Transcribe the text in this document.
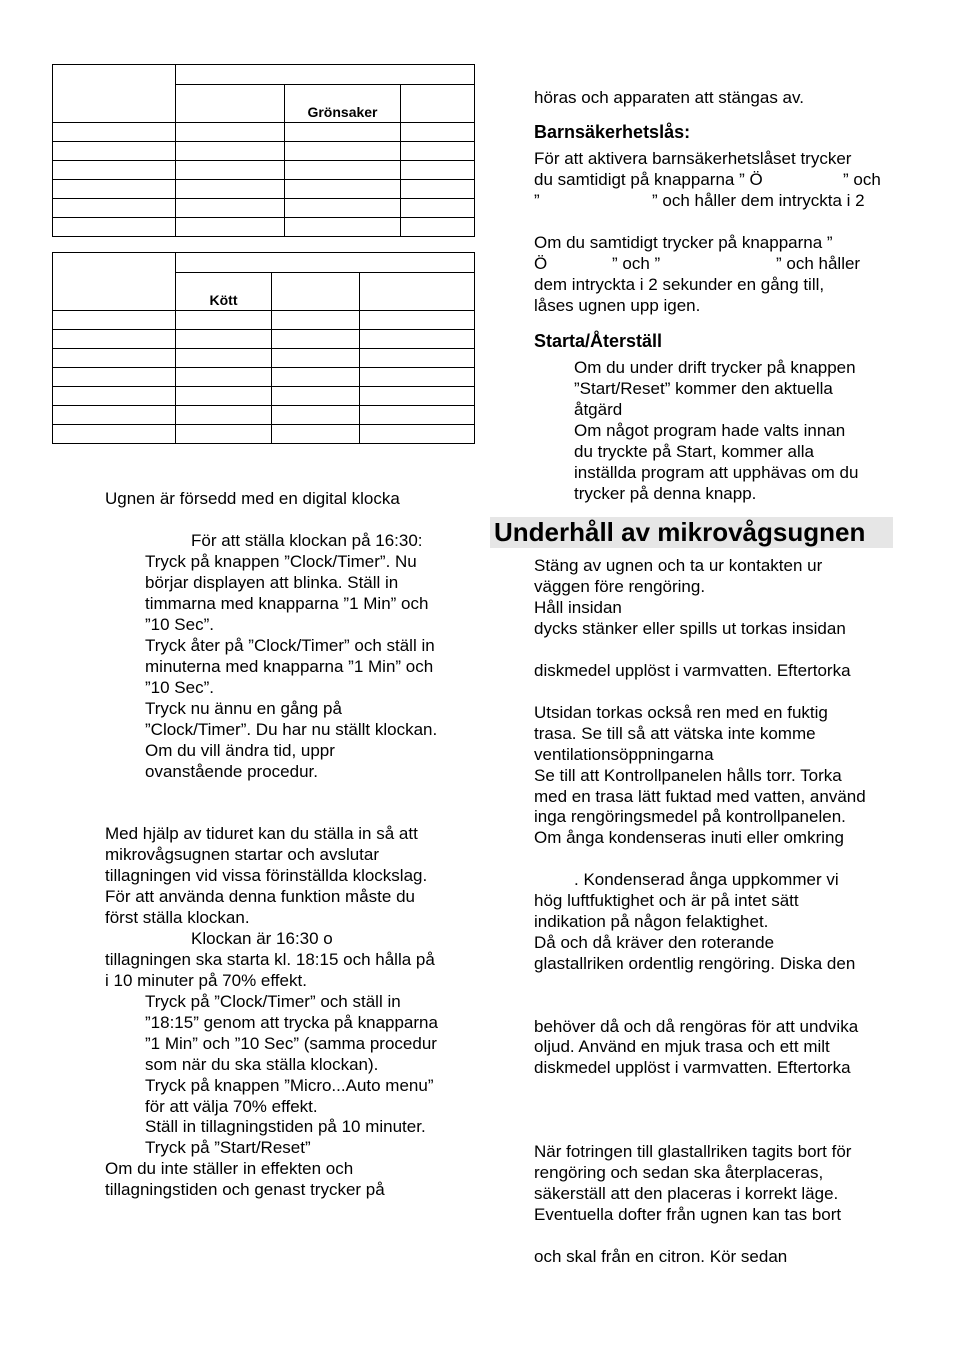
		Grönsaker	

	Kött		

Ugnen är försedd med en digital klocka
För att ställa klockan på 16:30:
Tryck på knappen ”Clock/Timer”. Nu
börjar displayen att blinka. Ställ in
timmarna med knapparna ”1 Min” och
”10 Sec”.
Tryck åter på ”Clock/Timer” och ställ in
minuterna med knapparna ”1 Min” och
”10 Sec”.
Tryck nu ännu en gång på
”Clock/Timer”. Du har nu ställt klockan.
Om du vill ändra tid, uppr
ovanstående procedur.
Med hjälp av tiduret kan du ställa in så att
mikrovågsugnen startar och avslutar
tillagningen vid vissa förinställda klockslag.
För att använda denna funktion måste du
först ställa klockan.
Klockan är 16:30 o
tillagningen ska starta kl. 18:15 och hålla på
i 10 minuter på 70% effekt.
Tryck på ”Clock/Timer” och ställ in
”18:15” genom att trycka på knapparna
”1 Min” och ”10 Sec” (samma procedur
som när du ska ställa klockan).
Tryck på knappen ”Micro...Auto menu”
för att välja 70% effekt.
Ställ in tillagningstiden på 10 minuter.
Tryck på ”Start/Reset”
Om du inte ställer in effekten och
tillagningstiden och genast trycker på
höras och apparaten att stängas av.
Barnsäkerhetslås:
För att aktivera barnsäkerhetslåset trycker
du samtidigt på knapparna ” Ö	” och
”	” och håller dem intryckta i 2
Om du samtidigt trycker på knapparna ”
Ö	” och ”	” och håller
dem intryckta i 2 sekunder en gång till,
låses ugnen upp igen.
Starta/Återställ
Om du under drift trycker på knappen
”Start/Reset” kommer den aktuella
åtgärd
Om något program hade valts innan
du tryckte på Start, kommer alla
inställda program att upphävas om du
trycker på denna knapp.
Underhåll av mikrovågsugnen
Stäng av ugnen och ta ur kontakten ur
väggen före rengöring.
Håll insidan
dycks stänker eller spills ut torkas insidan
diskmedel upplöst i varmvatten. Eftertorka
Utsidan torkas också ren med en fuktig
trasa. Se till så att vätska inte komme
ventilationsöppningarna
Se till att Kontrollpanelen hålls torr. Torka
med en trasa lätt fuktad med vatten, använd
inga rengöringsmedel på kontrollpanelen.
Om ånga kondenseras inuti eller omkring
. Kondenserad ånga uppkommer vi
hög luftfuktighet och är på intet sätt
indikation på någon felaktighet.
Då och då kräver den roterande
glastallriken ordentlig rengöring. Diska den
behöver då och då rengöras för att undvika
oljud. Använd en mjuk trasa och ett milt
diskmedel upplöst i varmvatten. Eftertorka
När fotringen till glastallriken tagits bort för
rengöring och sedan ska återplaceras,
säkerställ att den placeras i korrekt läge.
Eventuella dofter från ugnen kan tas bort
och skal från en citron. Kör sedan
